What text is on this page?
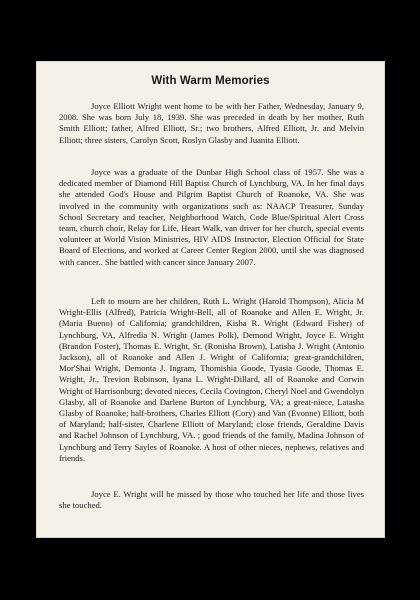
With Warm Memories

Joyce Elliott Wright went home to be with her Father, Wednesday, January 9, 2008. She was born July 18, 1939. She was preceded in death by her mother, Ruth Smith Elliott; father, Alfred Elliott, Sr.; two brothers, Alfred Elliott, Jr. and Melvin Elliott; three sisters, Carolyn Scott, Roslyn Glasby and Juanita Elliott.

Joyce was a graduate of the Dunbar High School class of 1957. She was a dedicated member of Diamond Hill Baptist Church of Lynchburg, VA. In her final days she attended God's House and Pilgrim Baptist Church of Roanoke, VA. She was involved in the community with organizations such as: NAACP Treasurer, Sunday School Secretary and teacher, Neighborhood Watch, Code Blue/Spiritual Alert Cross team, church choir, Relay for Life, Heart Walk, van driver for her church, special events volunteer at World Vision Ministries, HIV AIDS Instructor, Election Official for State Board of Elections, and worked at Career Center Region 2000, until she was diagnosed with cancer.. She battled with cancer since January 2007.

Left to mourn are her children, Ruth L. Wright (Harold Thompson), Alicia M Wright-Ellis (Alfred), Patricia Wright-Bell, all of Roanoke and Allen E. Wright, Jr. (Maria Bueno) of California; grandchildren, Kisha R. Wright (Edward Fisher) of Lynchburg, VA, Alfredia N. Wright (James Polk), Demond Wright, Joyce E. Wright (Brandon Foster), Thomas E. Wright, Sr. (Ronisha Brown), Latisha J. Wright (Antonio Jackson), all of Roanoke and Allen J. Wright of California; great-grandchildren, Mor'Shai Wright, Demonta J. Ingram, Thomishia Goode, Tyasia Goode, Thomas E. Wright, Jr., Trevion Robinson, Iyana L. Wright-Dillard, all of Roanoke and Corwin Wright of Harrisonburg; devoted nieces, Cecila Covington, Cheryl Noel and Gwendolyn Glasby, all of Roanoke and Darlene Burton of Lynchburg, VA; a great-niece, Latasha Glasby of Roanoke; half-brothers, Charles Elliott (Cory) and Van (Evonne) Elliott, both of Maryland; half-sister, Charlene Elliott of Maryland; close friends, Geraldine Davis and Rachel Johnson of Lynchburg, VA. ; good friends of the family, Madina Johnson of Lynchburg and Terry Sayles of Roanoke. A host of other nieces, nephews, relatives and friends.

Joyce E. Wright will be missed by those who touched her life and those lives she touched.
